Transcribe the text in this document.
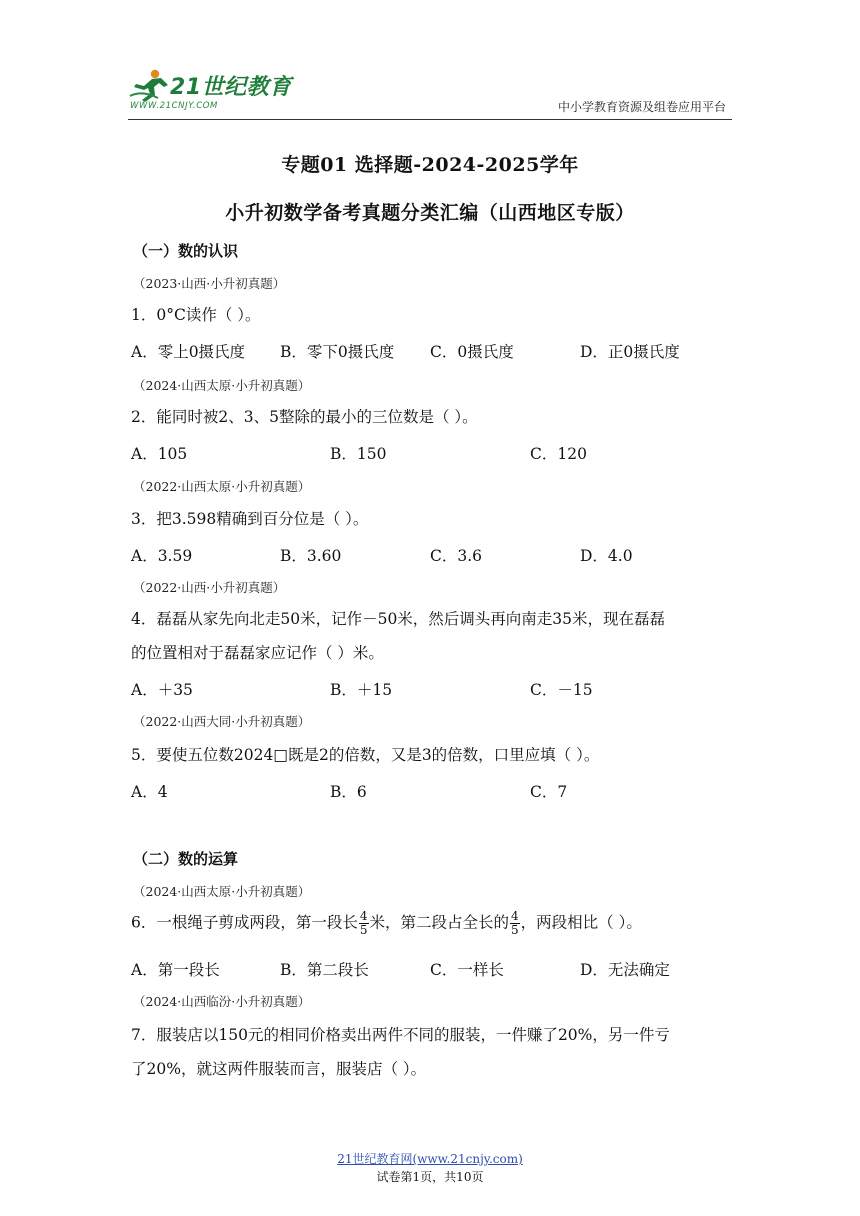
21世纪教育
WWW.21CNJY.COM	中小学教育资源及组卷应用平台
专题01 选择题-2024-2025学年
小升初数学备考真题分类汇编（山西地区专版）
（一）数的认识
（2023·山西·小升初真题）
1．0°C读作（ ）。
A．零上0摄氏度 B．零下0摄氏度 C．0摄氏度	D．正0摄氏度
（2024·山西太原·小升初真题）
2．能同时被2、3、5整除的最小的三位数是（ ）。
A．105	B．150	C．120
（2022·山西太原·小升初真题）
3．把3.598精确到百分位是（ ）。
A．3.59	B．3.60	C．3.6	D．4.0
（2022·山西·小升初真题）
4．磊磊从家先向北走50米，记作－50米，然后调头再向南走35米，现在磊磊
的位置相对于磊磊家应记作（ ）米。
A．＋35	B．＋15	C．－15
（2022·山西大同·小升初真题）
5．要使五位数2024□既是2的倍数，又是3的倍数，口里应填（ ）。
A．4	B．6	C．7
（二）数的运算
（2024·山西太原·小升初真题）
6．一根绳子剪成两段，第一段长 $\frac{4}{5}$ 米，第二段占全长的 $\frac{4}{5}$ ，两段相比（ ）。
A．第一段长	B．第二段长	C．一样长	D．无法确定
（2024·山西临汾·小升初真题）
7．服装店以150元的相同价格卖出两件不同的服装，一件赚了20%，另一件亏
了20%，就这两件服装而言，服装店（ ）。
21世纪教育网(www.21cnjy.com)
试卷第1页，共10页
